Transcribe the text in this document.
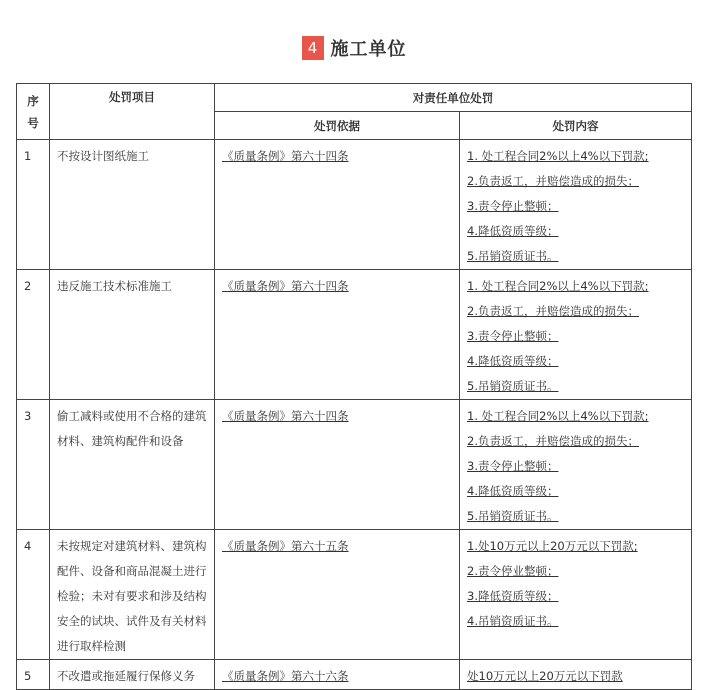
4 施工单位
序
号	处罚项目	对责任单位处罚	
		处罚依据	处罚内容

1	不按设计图纸施工	《质量条例》第六十四条	1. 处工程合同2%以上4%以下罚款;
2.负责返工，并赔偿造成的损失；
3.责令停止整顿；
4.降低资质等级；
5.吊销资质证书。

2	违反施工技术标准施工	《质量条例》第六十四条	1. 处工程合同2%以上4%以下罚款;
2.负责返工，并赔偿造成的损失；
3.责令停止整顿；
4.降低资质等级；
5.吊销资质证书。

3	偷工减料或使用不合格的建筑
材料、建筑构配件和设备	《质量条例》第六十四条	1. 处工程合同2%以上4%以下罚款;
2.负责返工，并赔偿造成的损失；
3.责令停止整顿；
4.降低资质等级；
5.吊销资质证书。

4	未按规定对建筑材料、建筑构
配件、设备和商品混凝土进行
检验；未对有要求和涉及结构
安全的试块、试件及有关材料
进行取样检测	《质量条例》第六十五条	1.处10万元以上20万元以下罚款;
2.责令停业整顿；
3.降低资质等级；
4.吊销资质证书。

5	不改遣或拖延履行保修义务	《质量条例》第六十六条	处10万元以上20万元以下罚款
